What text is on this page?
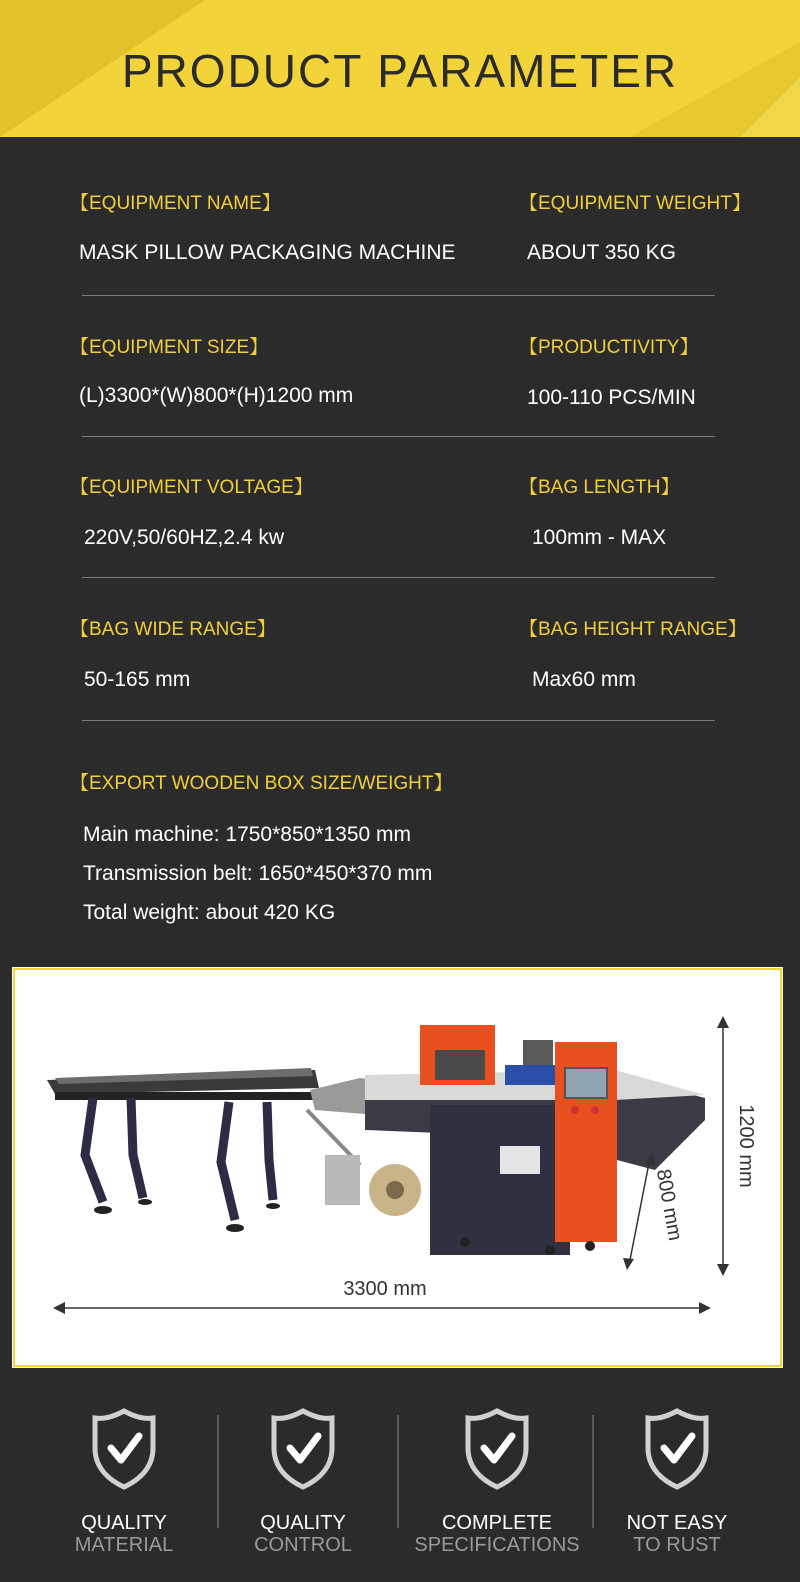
PRODUCT PARAMETER
【EQUIPMENT NAME】
MASK PILLOW PACKAGING MACHINE
【EQUIPMENT WEIGHT】
ABOUT 350 KG
【EQUIPMENT SIZE】
(L)3300*(W)800*(H)1200 mm
【PRODUCTIVITY】
100-110 PCS/MIN
【EQUIPMENT VOLTAGE】
220V,50/60HZ,2.4 kw
【BAG LENGTH】
100mm - MAX
【BAG WIDE RANGE】
50-165 mm
【BAG HEIGHT RANGE】
Max60 mm
【EXPORT WOODEN BOX SIZE/WEIGHT】
Main machine: 1750*850*1350 mm
Transmission belt: 1650*450*370 mm
Total weight: about 420 KG
3300 mm
1200 mm
800 mm
QUALITY
MATERIAL
QUALITY
CONTROL
COMPLETE
SPECIFICATIONS
NOT EASY
TO RUST
